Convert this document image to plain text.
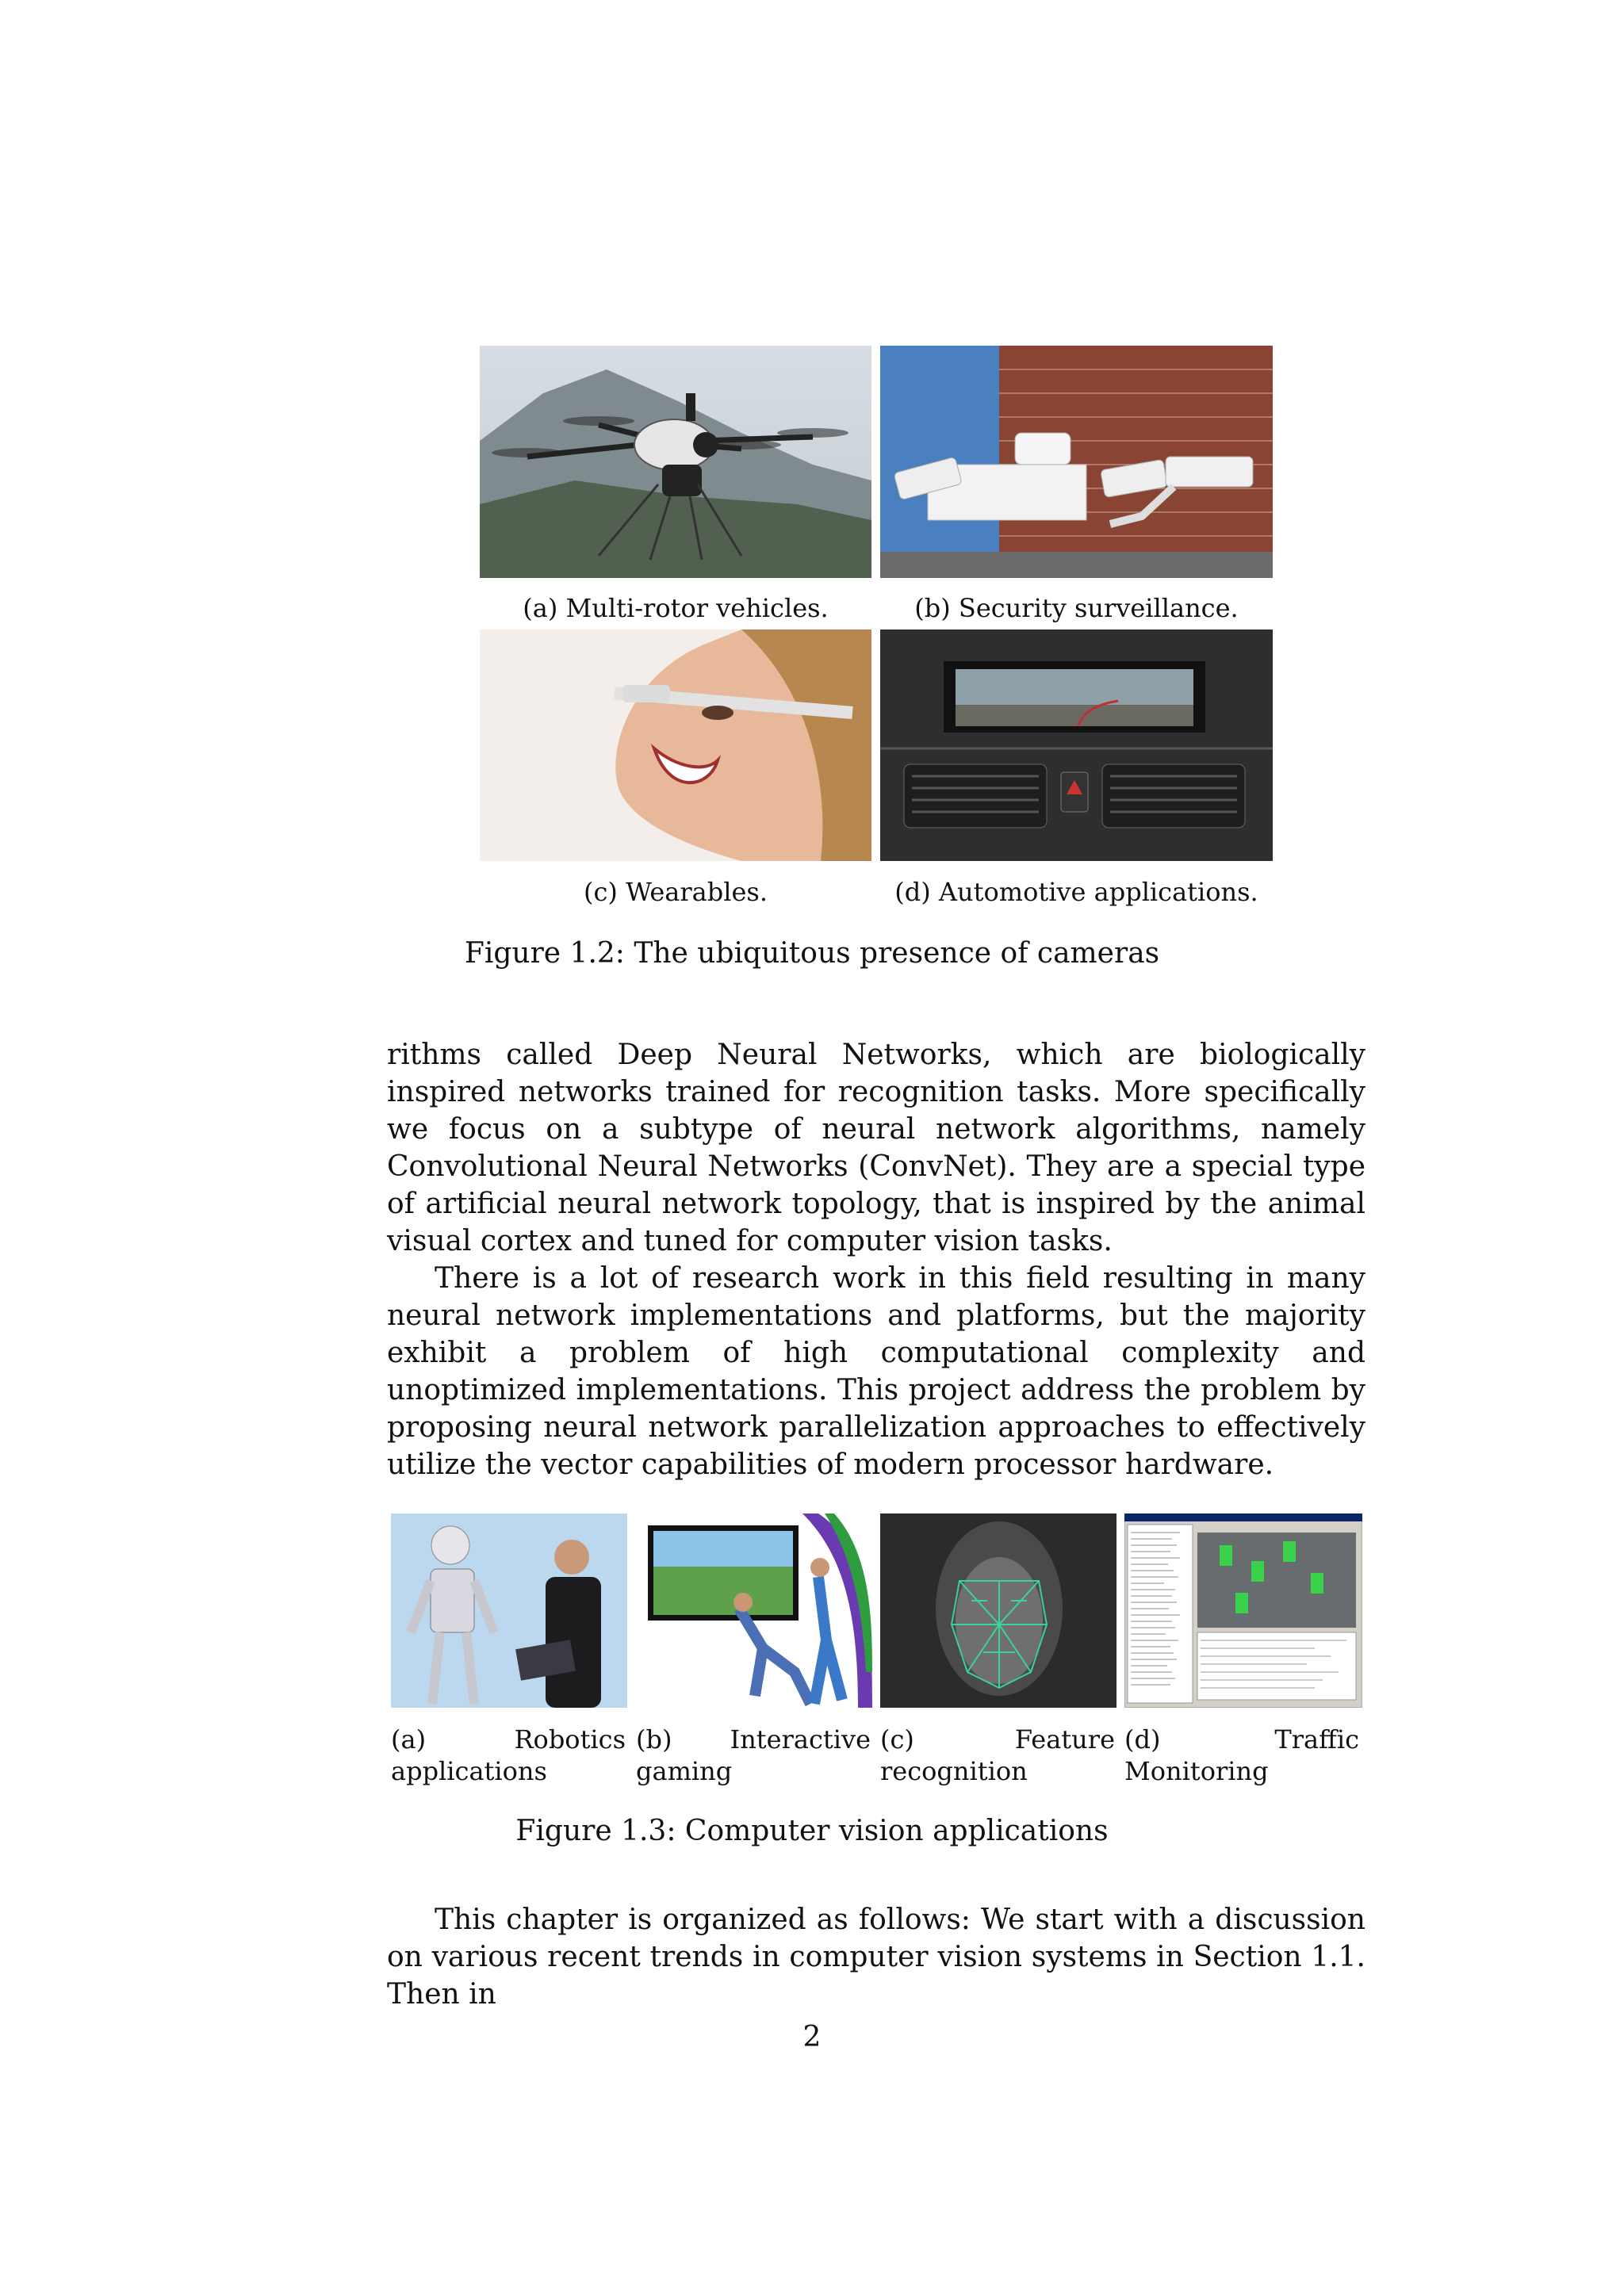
(a) Multi-rotor vehicles.	(b) Security surveillance.
(c) Wearables.	(d) Automotive applications.
Figure 1.2: The ubiquitous presence of cameras

rithms called Deep Neural Networks, which are biologically inspired networks trained for recognition tasks. More specifically we focus on a subtype of neural network algorithms, namely Convolutional Neural Networks (ConvNet). They are a special type of artificial neural network topology, that is inspired by the animal visual cortex and tuned for computer vision tasks.

There is a lot of research work in this field resulting in many neural network implementations and platforms, but the majority exhibit a problem of high computational complexity and unoptimized implementations. This project address the problem by proposing neural network parallelization approaches to effectively utilize the vector capabilities of modern processor hardware.

(a) Robotics applications
(b) Interactive gaming
(c) Feature recognition
(d) Traffic Monitoring
Figure 1.3: Computer vision applications

This chapter is organized as follows: We start with a discussion on various recent trends in computer vision systems in Section 1.1. Then in

2
